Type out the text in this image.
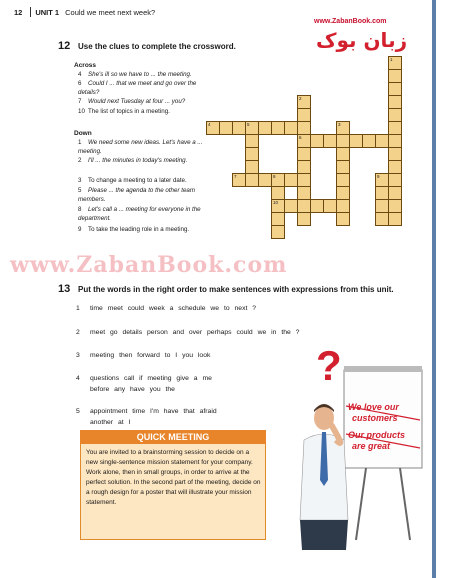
12 UNIT 1 Could we meet next week?
www.ZabanBook.com
زبان بوک
12 Use the clues to complete the crossword.
Across
4 She's ill so we have to ... the meeting.
6 Could I ... that we meet and go over the details?
7 Would next Tuesday at four ... you?
10 The list of topics in a meeting.
Down
1 We need some new ideas. Let's have a ... meeting.
2 I'll ... the minutes in today's meeting.
3 To change a meeting to a later date.
5 Please ... the agenda to the other team members.
8 Let's call a ... meeting for everyone in the department.
9 To take the leading role in a meeting.
1
2
6
3
4	5
7	8
10
9
www.ZabanBook.com
13 Put the words in the right order to make sentences with expressions from this unit.
1 time meet could week a schedule we to next ?
2 meet go details person and over perhaps could we in the ?
3 meeting then forward to I you look
4 questions call if meeting give a me
before any have you the
5 appointment time I'm have that afraid
another at I
QUICK MEETING
You are invited to a brainstorming session to decide on a new single-sentence mission statement for your company. Work alone, then in small groups, in order to arrive at the perfect solution. In the second part of the meeting, decide on a rough design for a poster that will illustrate your mission statement.
?
We love our
customers
Our products
are great
